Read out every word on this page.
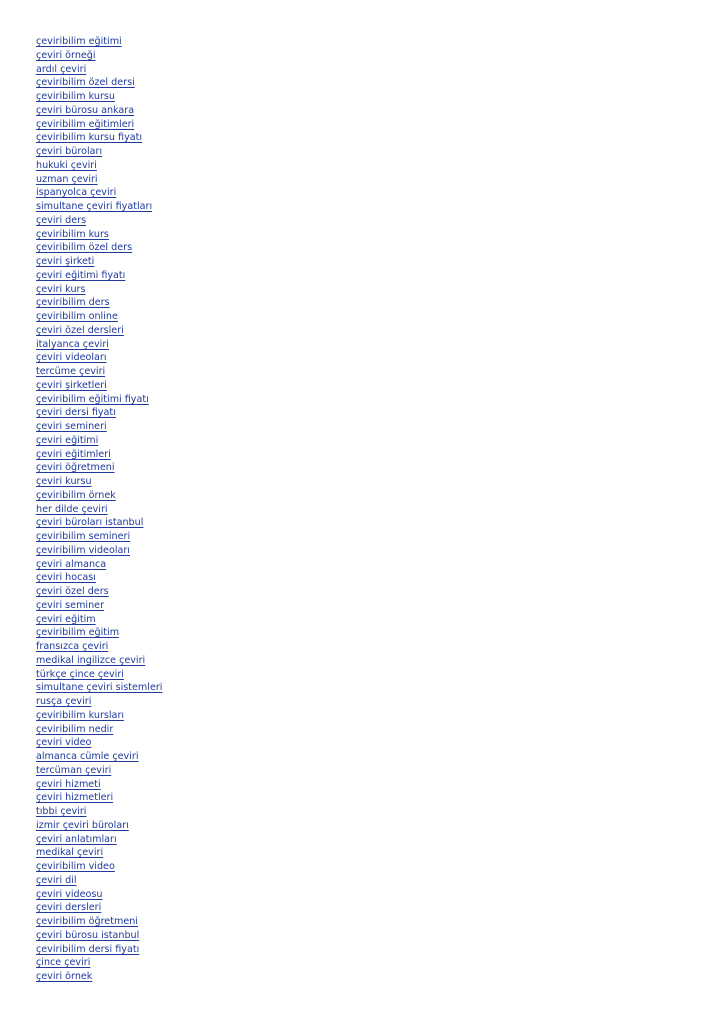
çeviribilim eğitimi
çeviri örneği
ardıl çeviri
çeviribilim özel dersi
çeviribilim kursu
çeviri bürosu ankara
çeviribilim eğitimleri
çeviribilim kursu fiyatı
çeviri büroları
hukuki çeviri
uzman çeviri
ispanyolca çeviri
simultane çeviri fiyatları
çeviri ders
çeviribilim kurs
çeviribilim özel ders
çeviri şirketi
çeviri eğitimi fiyatı
çeviri kurs
çeviribilim ders
çeviribilim online
çeviri özel dersleri
italyanca çeviri
çeviri videoları
tercüme çeviri
çeviri şirketleri
çeviribilim eğitimi fiyatı
çeviri dersi fiyatı
çeviri semineri
çeviri eğitimi
çeviri eğitimleri
çeviri öğretmeni
çeviri kursu
çeviribilim örnek
her dilde çeviri
çeviri büroları istanbul
çeviribilim semineri
çeviribilim videoları
çeviri almanca
çeviri hocası
çeviri özel ders
çeviri seminer
çeviri eğitim
çeviribilim eğitim
fransızca çeviri
medikal ingilizce çeviri
türkçe çince çeviri
simultane çeviri sistemleri
rusça çeviri
çeviribilim kursları
çeviribilim nedir
çeviri video
almanca cümle çeviri
tercüman çeviri
çeviri hizmeti
çeviri hizmetleri
tıbbi çeviri
izmir çeviri büroları
çeviri anlatımları
medikal çeviri
çeviribilim video
çeviri dil
çeviri videosu
çeviri dersleri
çeviribilim öğretmeni
çeviri bürosu istanbul
çeviribilim dersi fiyatı
çince çeviri
çeviri örnek
